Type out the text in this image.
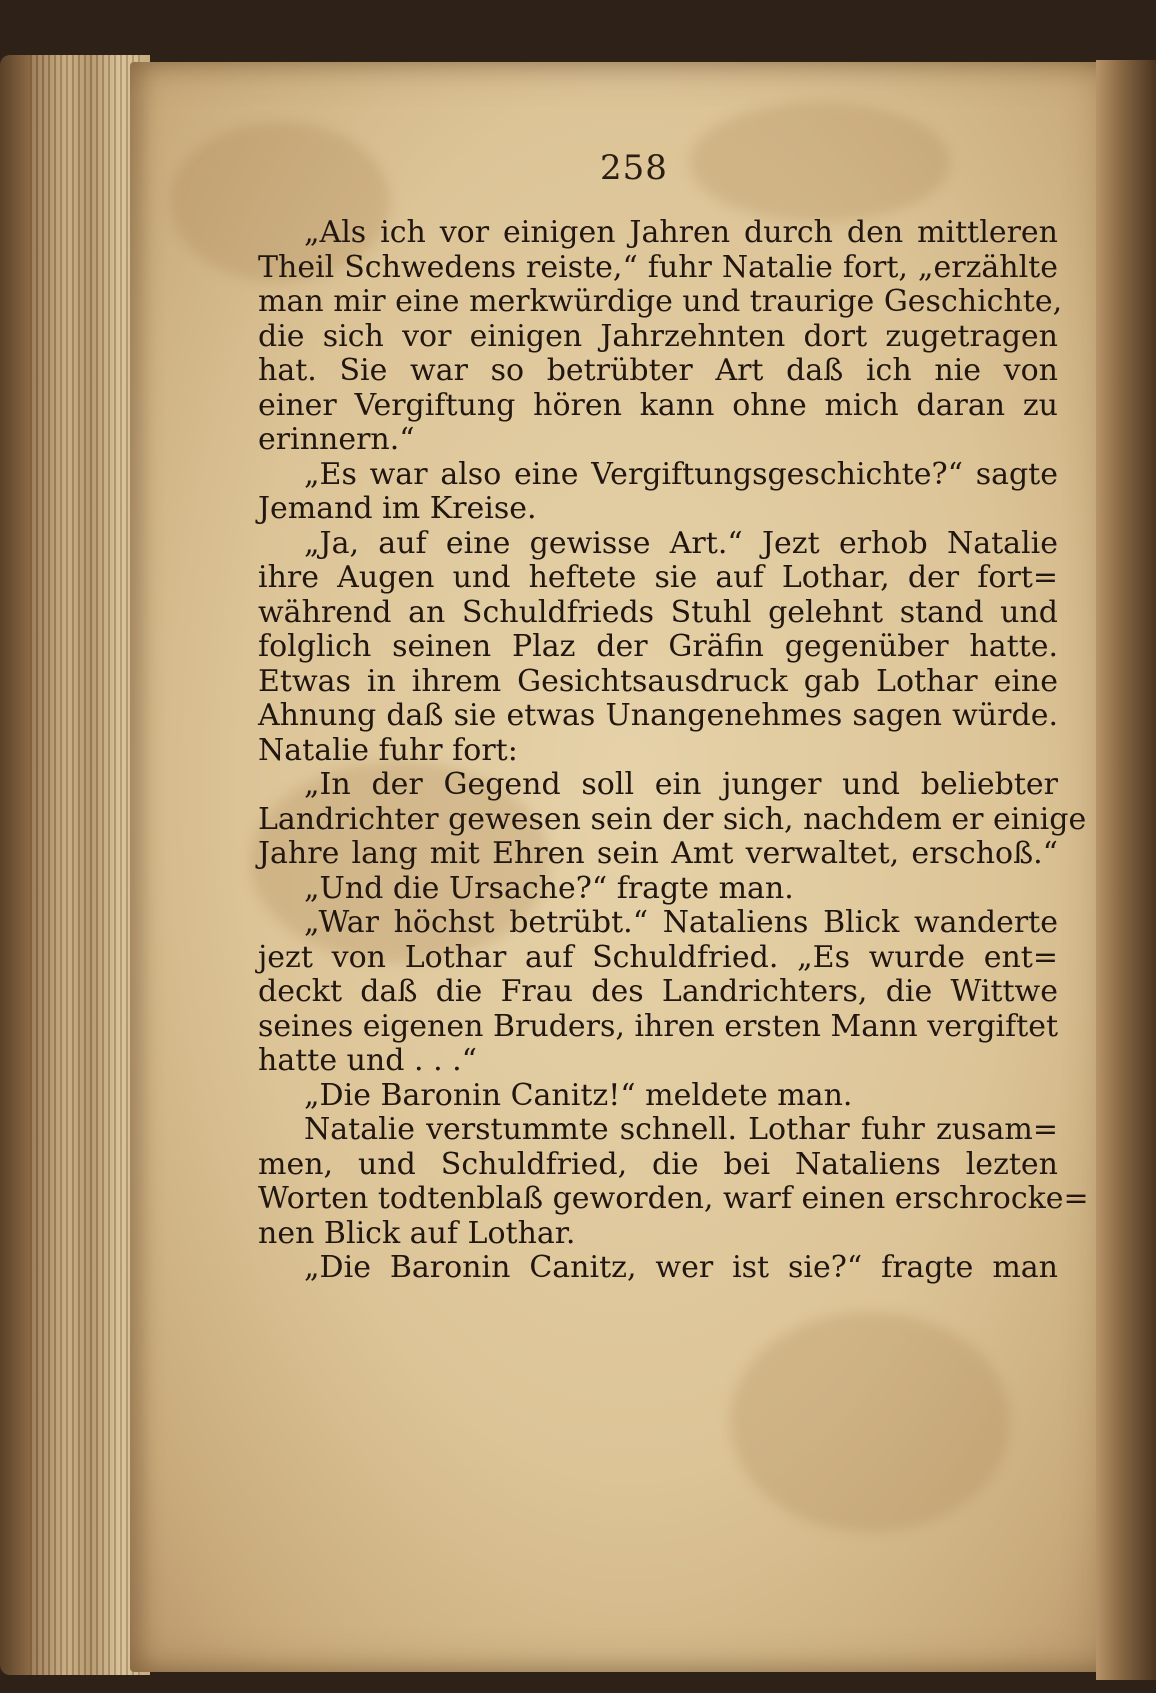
258
„Als ich vor einigen Jahren durch den mittleren
Theil Schwedens reiste,“ fuhr Natalie fort, „erzählte
man mir eine merkwürdige und traurige Geschichte,
die sich vor einigen Jahrzehnten dort zugetragen
hat. Sie war so betrübter Art daß ich nie von
einer Vergiftung hören kann ohne mich daran zu
erinnern.“
„Es war also eine Vergiftungsgeschichte?“ sagte
Jemand im Kreise.
„Ja, auf eine gewisse Art.“ Jezt erhob Natalie
ihre Augen und heftete sie auf Lothar, der fort=
während an Schuldfrieds Stuhl gelehnt stand und
folglich seinen Plaz der Gräfin gegenüber hatte.
Etwas in ihrem Gesichtsausdruck gab Lothar eine
Ahnung daß sie etwas Unangenehmes sagen würde.
Natalie fuhr fort:
„In der Gegend soll ein junger und beliebter
Landrichter gewesen sein der sich, nachdem er einige
Jahre lang mit Ehren sein Amt verwaltet, erschoß.“
„Und die Ursache?“ fragte man.
„War höchst betrübt.“ Nataliens Blick wanderte
jezt von Lothar auf Schuldfried. „Es wurde ent=
deckt daß die Frau des Landrichters, die Wittwe
seines eigenen Bruders, ihren ersten Mann vergiftet
hatte und . . .“
„Die Baronin Canitz!“ meldete man.
Natalie verstummte schnell. Lothar fuhr zusam=
men, und Schuldfried, die bei Nataliens lezten
Worten todtenblaß geworden, warf einen erschrocke=
nen Blick auf Lothar.
„Die Baronin Canitz, wer ist sie?“ fragte man
